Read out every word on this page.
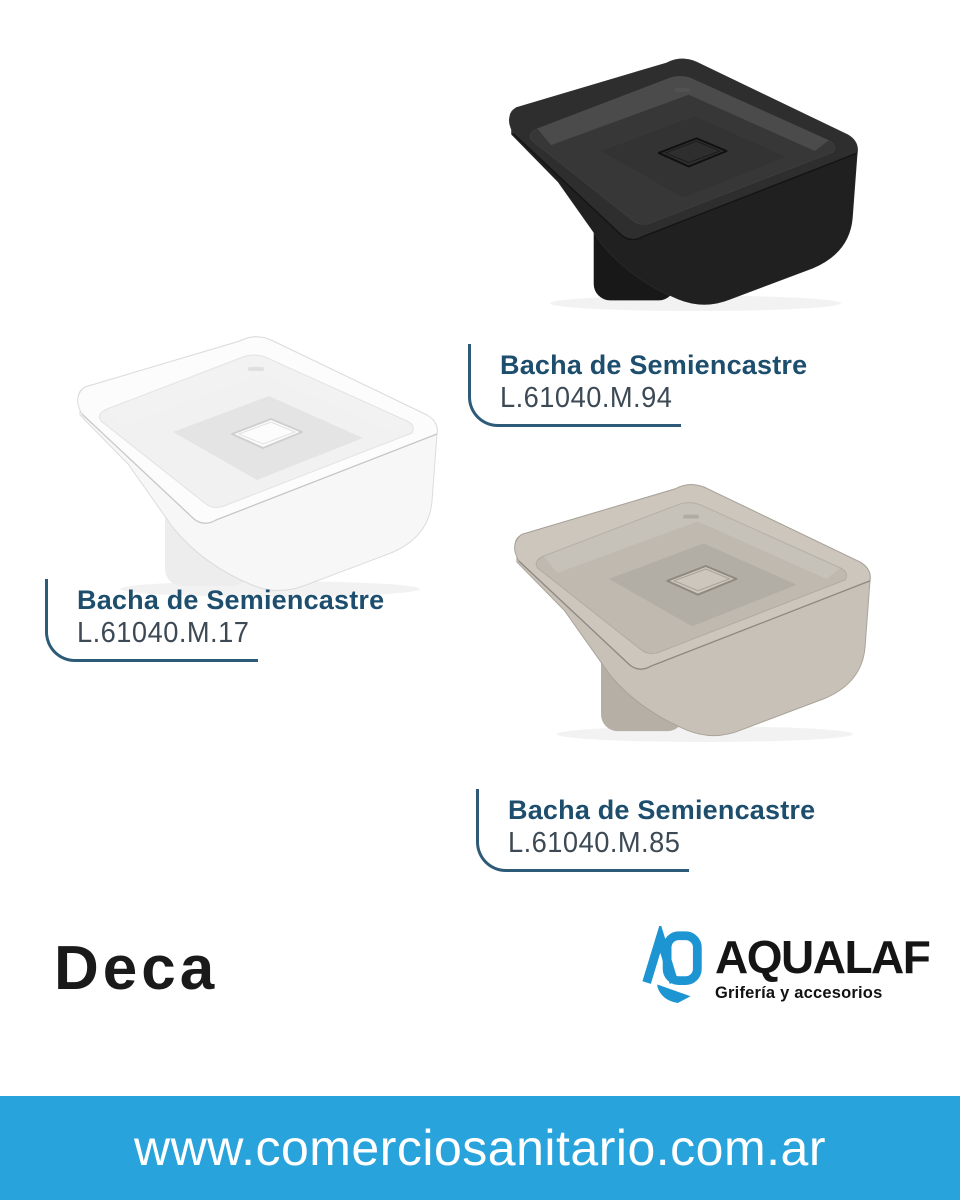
Bacha de Semiencastre
L.61040.M.94
Bacha de Semiencastre
L.61040.M.17
Bacha de Semiencastre
L.61040.M.85
Deca	AQUALAF
Grifería y accesorios
www.comerciosanitario.com.ar
